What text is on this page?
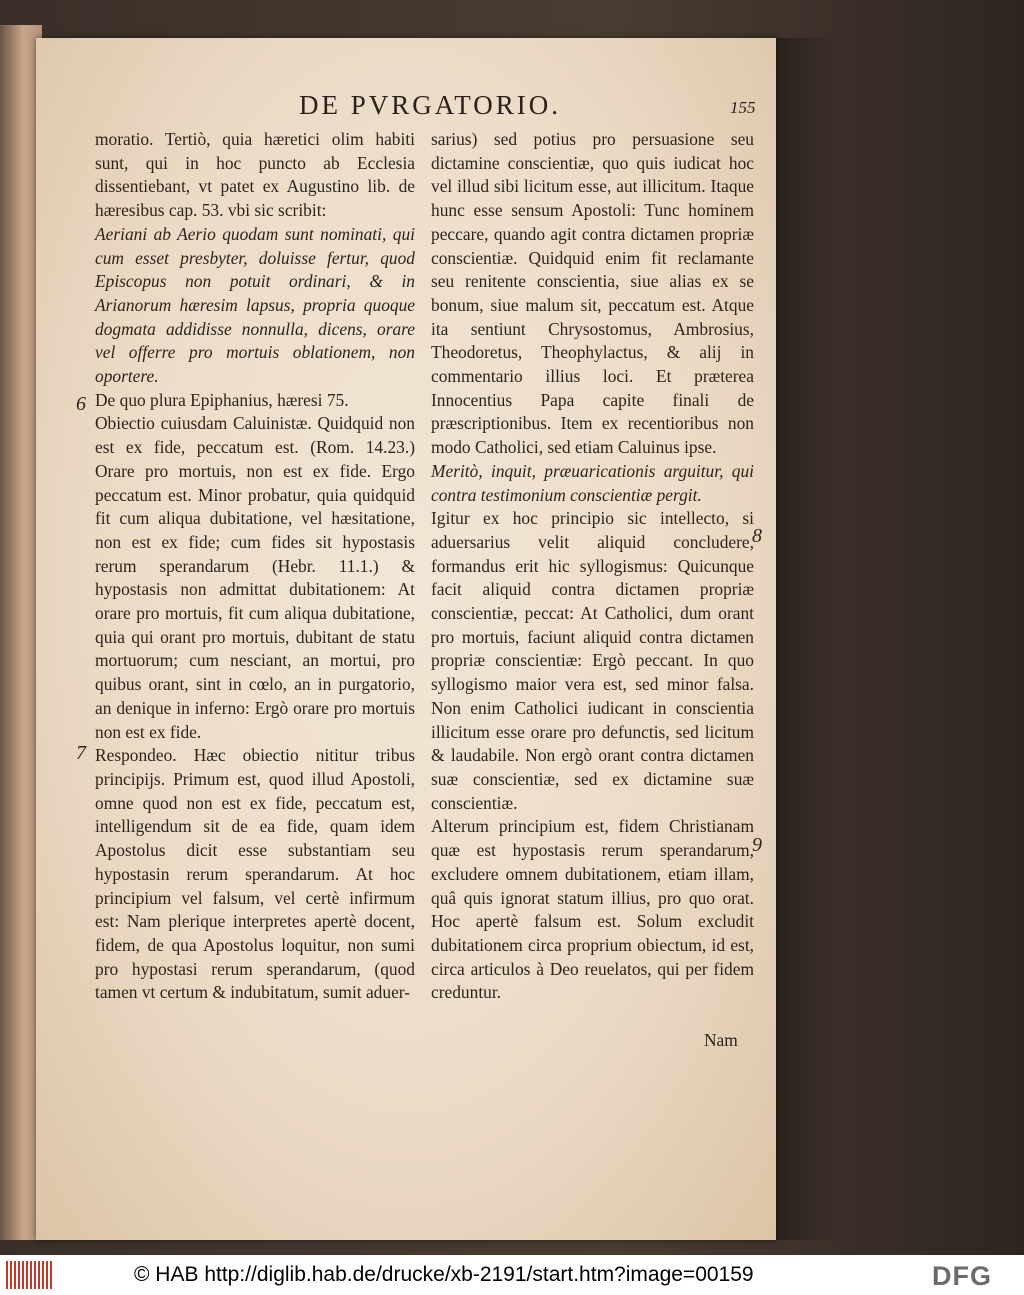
DE PVRGATORIO.	155

moratio. Tertiò, quia hæretici olim habiti sunt, qui in hoc puncto ab Ecclesia dissentiebant, vt patet ex Augustino lib. de hæresibus cap. 53. vbi sic scribit:

Aeriani ab Aerio quodam sunt nominati, qui cum esset presbyter, doluisse fertur, quod Episcopus non potuit ordinari, & in Arianorum hæresim lapsus, propria quoque dogmata addidisse nonnulla, dicens, orare vel offerre pro mortuis oblationem, non oportere.

De quo plura Epiphanius, hæresi 75.

Obiectio cuiusdam Caluinistæ. Quidquid non est ex fide, peccatum est. (Rom. 14.23.) Orare pro mortuis, non est ex fide. Ergo peccatum est. Minor probatur, quia quidquid fit cum aliqua dubitatione, vel hæsitatione, non est ex fide; cum fides sit hypostasis rerum sperandarum (Hebr. 11.1.) & hypostasis non admittat dubitationem: At orare pro mortuis, fit cum aliqua dubitatione, quia qui orant pro mortuis, dubitant de statu mortuorum; cum nesciant, an mortui, pro quibus orant, sint in cœlo, an in purgatorio, an denique in inferno: Ergò orare pro mortuis non est ex fide.

Respondeo. Hæc obiectio nititur tribus principijs. Primum est, quod illud Apostoli, omne quod non est ex fide, peccatum est, intelligendum sit de ea fide, quam idem Apostolus dicit esse substantiam seu hypostasin rerum sperandarum. At hoc principium vel falsum, vel certè infirmum est: Nam plerique interpretes apertè docent, fidem, de qua Apostolus loquitur, non sumi pro hypostasi rerum sperandarum, (quod tamen vt certum & indubitatum, sumit aduer-

sarius) sed potius pro persuasione seu dictamine conscientiæ, quo quis iudicat hoc vel illud sibi licitum esse, aut illicitum. Itaque hunc esse sensum Apostoli: Tunc hominem peccare, quando agit contra dictamen propriæ conscientiæ. Quidquid enim fit reclamante seu renitente conscientia, siue alias ex se bonum, siue malum sit, peccatum est. Atque ita sentiunt Chrysostomus, Ambrosius, Theodoretus, Theophylactus, & alij in commentario illius loci. Et præterea Innocentius Papa capite finali de præscriptionibus. Item ex recentioribus non modo Catholici, sed etiam Caluinus ipse.

Meritò, inquit, præuaricationis arguitur, qui contra testimonium conscientiæ pergit.

Igitur ex hoc principio sic intellecto, si aduersarius velit aliquid concludere, formandus erit hic syllogismus: Quicunque facit aliquid contra dictamen propriæ conscientiæ, peccat: At Catholici, dum orant pro mortuis, faciunt aliquid contra dictamen propriæ conscientiæ: Ergò peccant. In quo syllogismo maior vera est, sed minor falsa. Non enim Catholici iudicant in conscientia illicitum esse orare pro defunctis, sed licitum & laudabile. Non ergò orant contra dictamen suæ conscientiæ, sed ex dictamine suæ conscientiæ.

Alterum principium est, fidem Christianam quæ est hypostasis rerum sperandarum, excludere omnem dubitationem, etiam illam, quâ quis ignorat statum illius, pro quo orat. Hoc apertè falsum est. Solum excludit dubitationem circa proprium obiectum, id est, circa articulos à Deo reuelatos, qui per fidem creduntur.

6
7
8
9
Nam
© HAB http://diglib.hab.de/drucke/xb-2191/start.htm?image=00159	DFG
